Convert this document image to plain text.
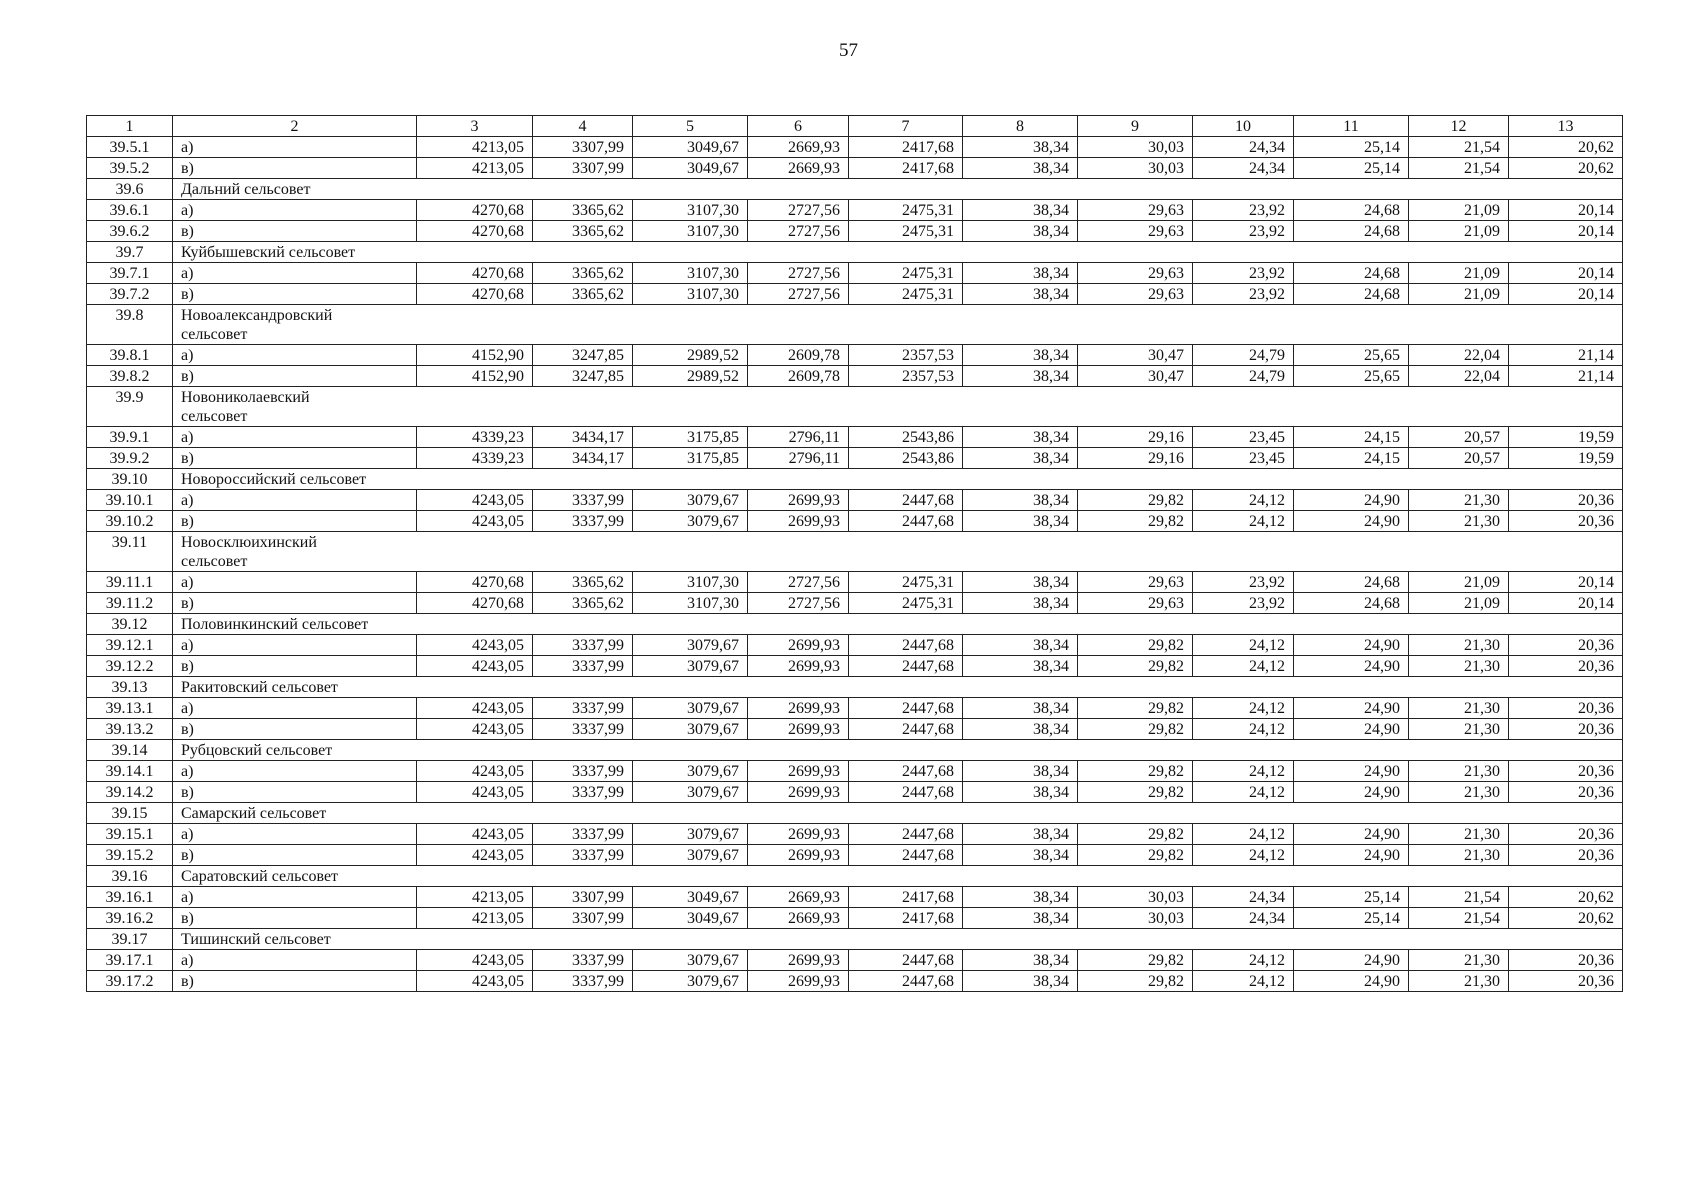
57
1	2	3	4	5	6	7	8	9	10	11	12	13
39.5.1	а)	4213,05	3307,99	3049,67	2669,93	2417,68	38,34	30,03	24,34	25,14	21,54	20,62
39.5.2	в)	4213,05	3307,99	3049,67	2669,93	2417,68	38,34	30,03	24,34	25,14	21,54	20,62
39.6	Дальний сельсовет											
39.6.1	а)	4270,68	3365,62	3107,30	2727,56	2475,31	38,34	29,63	23,92	24,68	21,09	20,14
39.6.2	в)	4270,68	3365,62	3107,30	2727,56	2475,31	38,34	29,63	23,92	24,68	21,09	20,14
39.7	Куйбышевский сельсовет											
39.7.1	а)	4270,68	3365,62	3107,30	2727,56	2475,31	38,34	29,63	23,92	24,68	21,09	20,14
39.7.2	в)	4270,68	3365,62	3107,30	2727,56	2475,31	38,34	29,63	23,92	24,68	21,09	20,14
39.8	Новоалександровский сельсовет											
39.8.1	а)	4152,90	3247,85	2989,52	2609,78	2357,53	38,34	30,47	24,79	25,65	22,04	21,14
39.8.2	в)	4152,90	3247,85	2989,52	2609,78	2357,53	38,34	30,47	24,79	25,65	22,04	21,14
39.9	Новониколаевский сельсовет											
39.9.1	а)	4339,23	3434,17	3175,85	2796,11	2543,86	38,34	29,16	23,45	24,15	20,57	19,59
39.9.2	в)	4339,23	3434,17	3175,85	2796,11	2543,86	38,34	29,16	23,45	24,15	20,57	19,59
39.10	Новороссийский сельсовет											
39.10.1	а)	4243,05	3337,99	3079,67	2699,93	2447,68	38,34	29,82	24,12	24,90	21,30	20,36
39.10.2	в)	4243,05	3337,99	3079,67	2699,93	2447,68	38,34	29,82	24,12	24,90	21,30	20,36
39.11	Новосклюихинский сельсовет											
39.11.1	а)	4270,68	3365,62	3107,30	2727,56	2475,31	38,34	29,63	23,92	24,68	21,09	20,14
39.11.2	в)	4270,68	3365,62	3107,30	2727,56	2475,31	38,34	29,63	23,92	24,68	21,09	20,14
39.12	Половинкинский сельсовет											
39.12.1	а)	4243,05	3337,99	3079,67	2699,93	2447,68	38,34	29,82	24,12	24,90	21,30	20,36
39.12.2	в)	4243,05	3337,99	3079,67	2699,93	2447,68	38,34	29,82	24,12	24,90	21,30	20,36
39.13	Ракитовский сельсовет											
39.13.1	а)	4243,05	3337,99	3079,67	2699,93	2447,68	38,34	29,82	24,12	24,90	21,30	20,36
39.13.2	в)	4243,05	3337,99	3079,67	2699,93	2447,68	38,34	29,82	24,12	24,90	21,30	20,36
39.14	Рубцовский сельсовет											
39.14.1	а)	4243,05	3337,99	3079,67	2699,93	2447,68	38,34	29,82	24,12	24,90	21,30	20,36
39.14.2	в)	4243,05	3337,99	3079,67	2699,93	2447,68	38,34	29,82	24,12	24,90	21,30	20,36
39.15	Самарский сельсовет											
39.15.1	а)	4243,05	3337,99	3079,67	2699,93	2447,68	38,34	29,82	24,12	24,90	21,30	20,36
39.15.2	в)	4243,05	3337,99	3079,67	2699,93	2447,68	38,34	29,82	24,12	24,90	21,30	20,36
39.16	Саратовский сельсовет											
39.16.1	а)	4213,05	3307,99	3049,67	2669,93	2417,68	38,34	30,03	24,34	25,14	21,54	20,62
39.16.2	в)	4213,05	3307,99	3049,67	2669,93	2417,68	38,34	30,03	24,34	25,14	21,54	20,62
39.17	Тишинский сельсовет											
39.17.1	а)	4243,05	3337,99	3079,67	2699,93	2447,68	38,34	29,82	24,12	24,90	21,30	20,36
39.17.2	в)	4243,05	3337,99	3079,67	2699,93	2447,68	38,34	29,82	24,12	24,90	21,30	20,36
